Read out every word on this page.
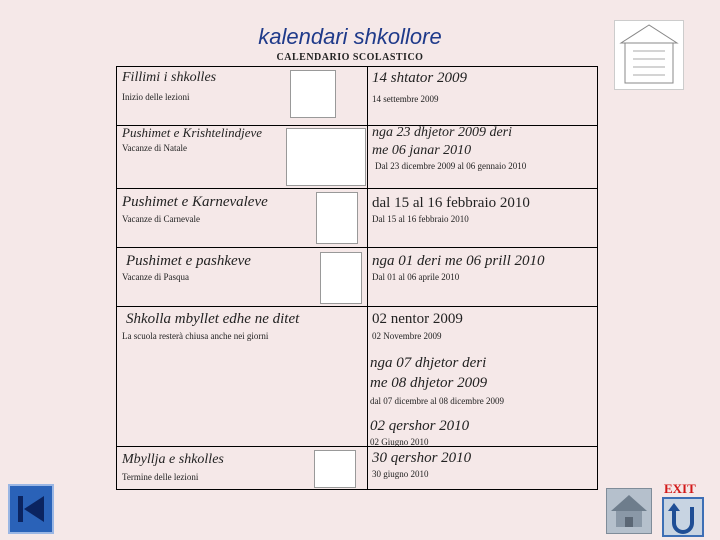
kalendari shkollore
CALENDARIO SCOLASTICO
Fillimi i shkolles
Inizio delle lezioni
14 shtator 2009
14 settembre 2009
Pushimet e Krishtelindjeve
Vacanze di Natale
nga 23 dhjetor 2009 deri
me 06 janar 2010
Dal 23 dicembre 2009 al 06 gennaio 2010
Pushimet e Karnevaleve
Vacanze di Carnevale
dal 15 al 16 febbraio 2010
Dal 15 al 16 febbraio 2010
Pushimet e pashkeve
Vacanze di Pasqua
nga 01 deri me 06 prill 2010
Dal 01 al 06 aprile 2010
Shkolla mbyllet edhe ne ditet
La scuola resterà chiusa anche nei giorni
02 nentor 2009
02 Novembre 2009
nga 07 dhjetor deri
me 08 dhjetor 2009
dal 07 dicembre al 08 dicembre 2009
02 qershor 2010
02 Giugno 2010
Mbyllja e shkolles
Termine delle lezioni
30 qershor 2010
30 giugno 2010
EXIT
